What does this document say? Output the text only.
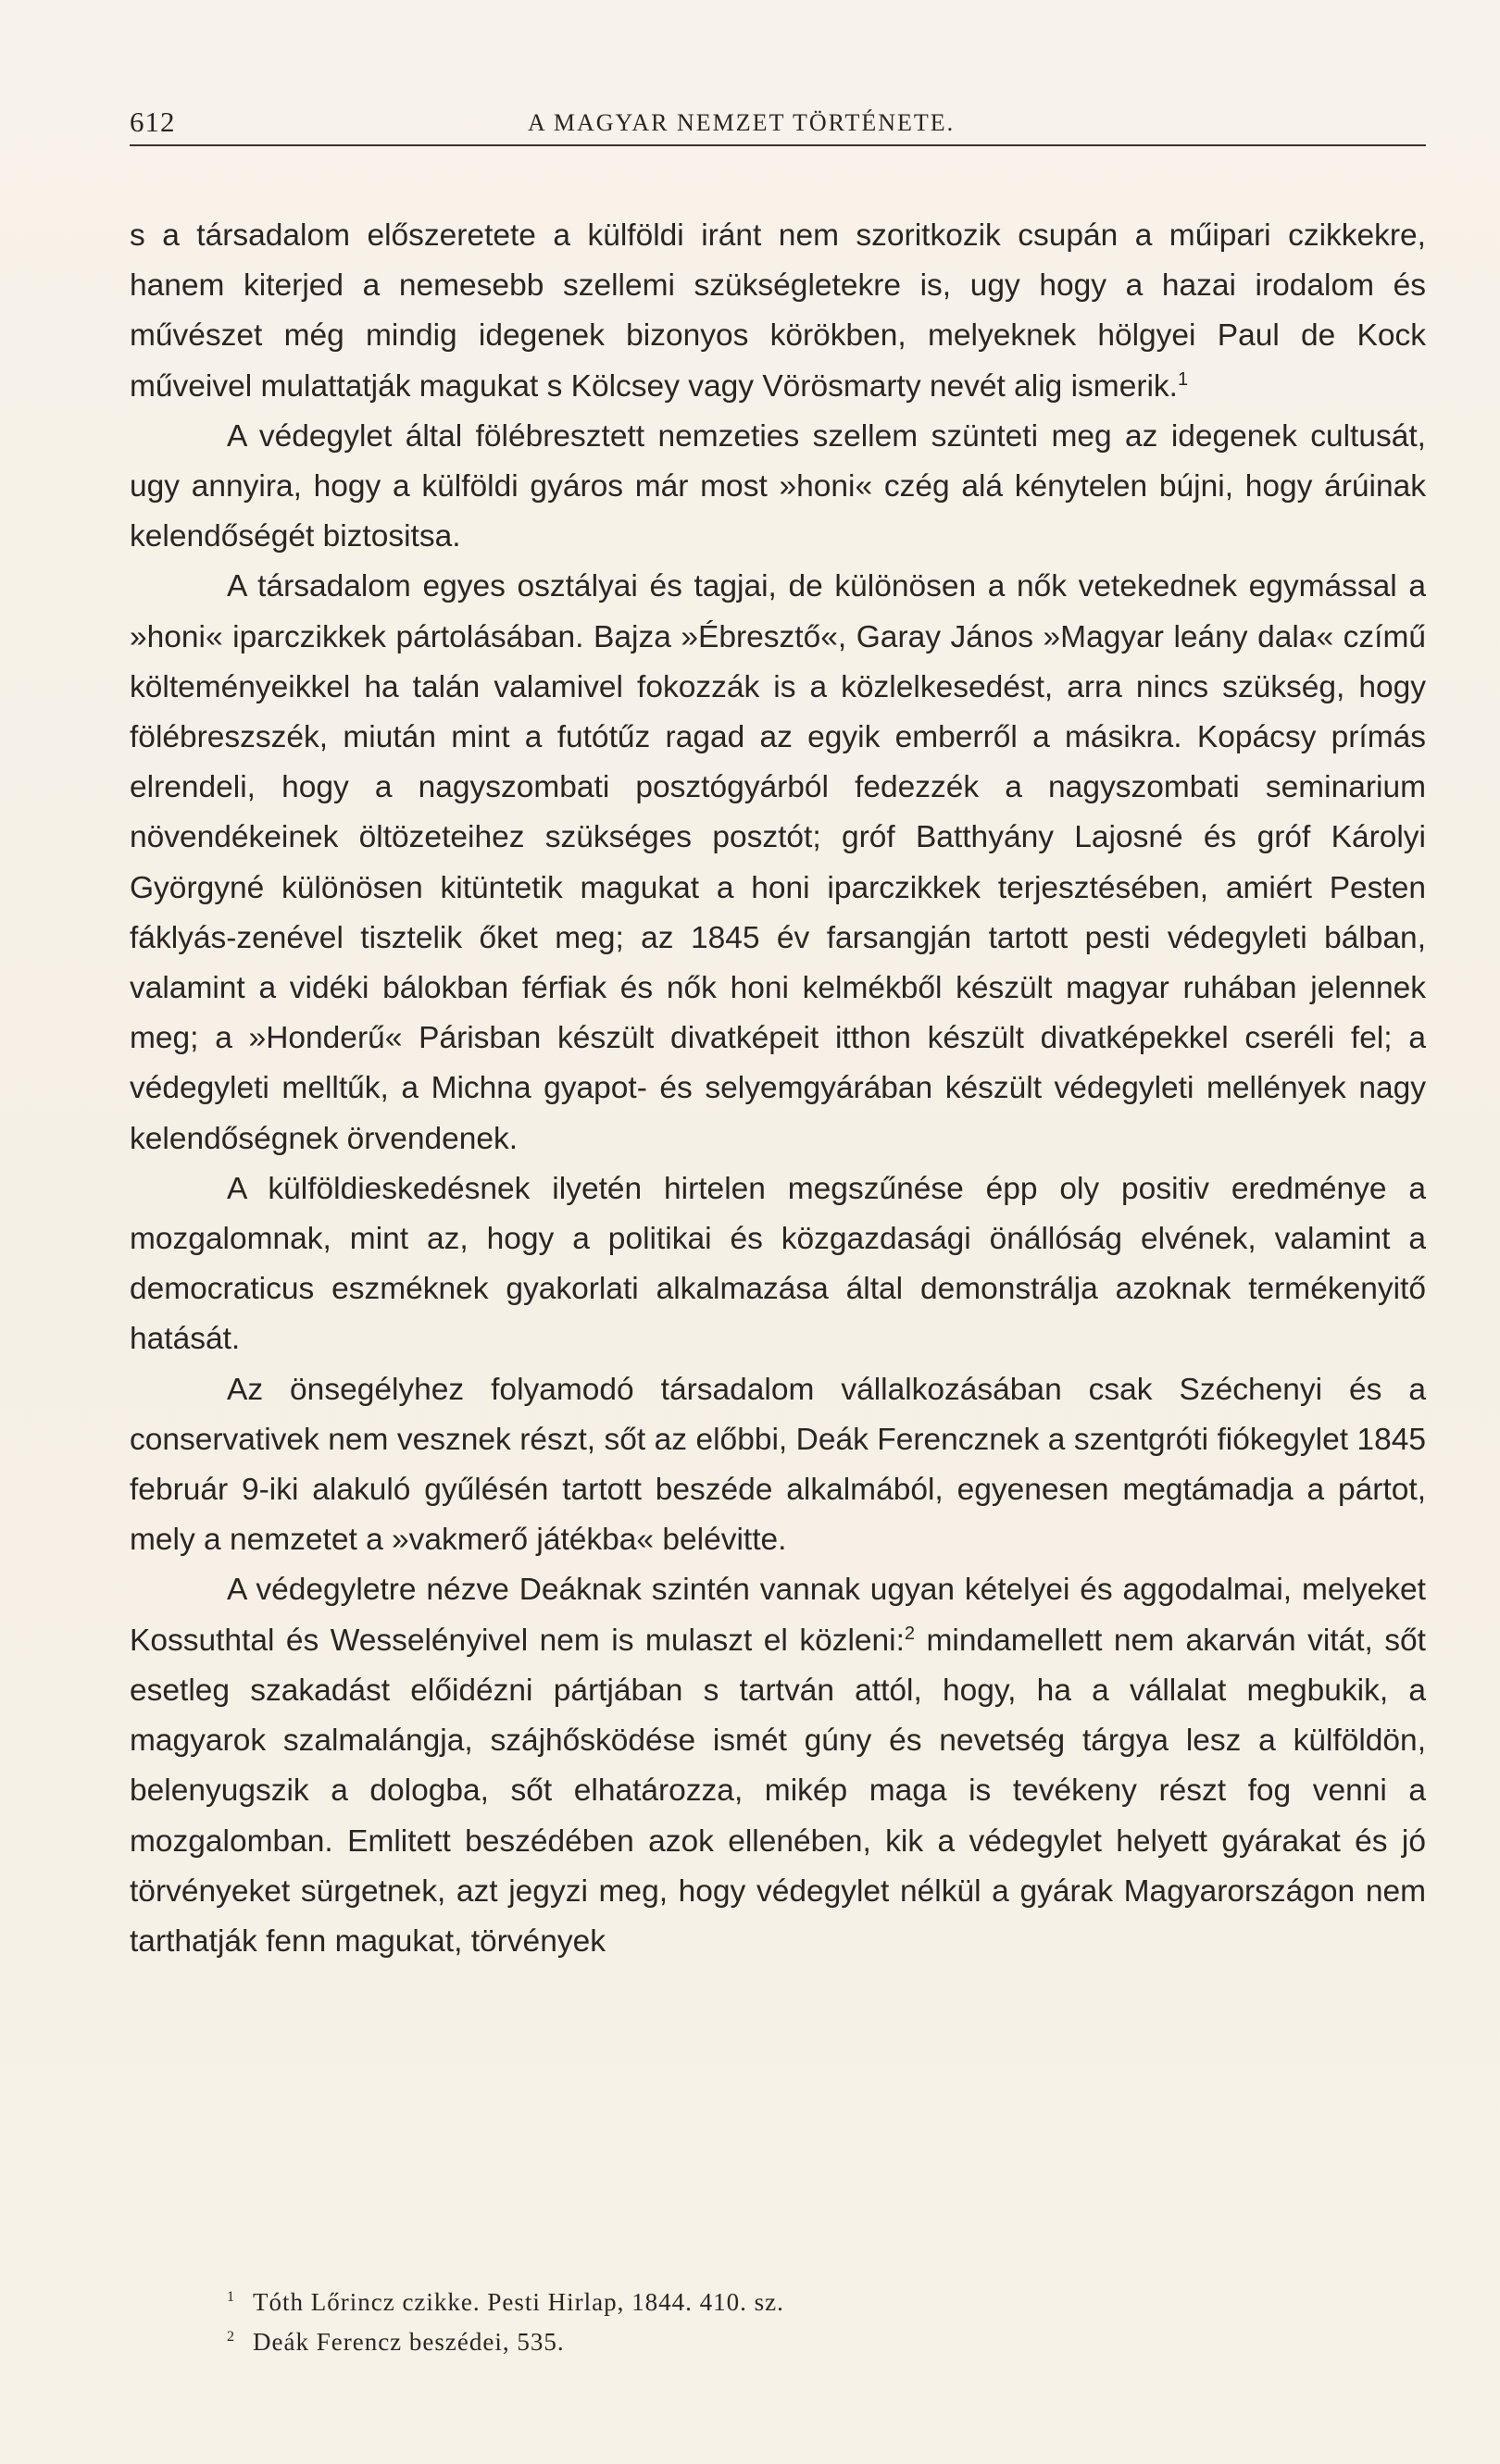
612	A MAGYAR NEMZET TÖRTÉNETE.

s a társadalom előszeretete a külföldi iránt nem szoritkozik csupán a műipari czikkekre, hanem kiterjed a nemesebb szellemi szükségletekre is, ugy hogy a hazai irodalom és művészet még mindig idegenek bizonyos körökben, melyeknek hölgyei Paul de Kock műveivel mulattatják magukat s Kölcsey vagy Vörösmarty nevét alig ismerik.$^1$

A védegylet által fölébresztett nemzeties szellem szünteti meg az idegenek cultusát, ugy annyira, hogy a külföldi gyáros már most »honi« czég alá kénytelen bújni, hogy árúinak kelendőségét biztositsa.

A társadalom egyes osztályai és tagjai, de különösen a nők vetekednek egymással a »honi« iparczikkek pártolásában. Bajza »Ébresztő«, Garay János »Magyar leány dala« czímű költeményeikkel ha talán valamivel fokozzák is a közlelkesedést, arra nincs szükség, hogy fölébreszszék, miután mint a futótűz ragad az egyik emberről a másikra. Kopácsy prímás elrendeli, hogy a nagyszombati posztógyárból fedezzék a nagyszombati seminarium növendékeinek öltözeteihez szükséges posztót; gróf Batthyány Lajosné és gróf Károlyi Györgyné különösen kitüntetik magukat a honi iparczikkek terjesztésében, amiért Pesten fáklyás-zenével tisztelik őket meg; az 1845 év farsangján tartott pesti védegyleti bálban, valamint a vidéki bálokban férfiak és nők honi kelmékből készült magyar ruhában jelennek meg; a »Honderű« Párisban készült divatképeit itthon készült divatképekkel cseréli fel; a védegyleti melltűk, a Michna gyapot- és selyemgyárában készült védegyleti mellények nagy kelendőségnek örvendenek.

A külföldieskedésnek ilyetén hirtelen megszűnése épp oly positiv eredménye a mozgalomnak, mint az, hogy a politikai és közgazdasági önállóság elvének, valamint a democraticus eszméknek gyakorlati alkalmazása által demonstrálja azoknak termékenyitő hatását.

Az önsegélyhez folyamodó társadalom vállalkozásában csak Széchenyi és a conservativek nem vesznek részt, sőt az előbbi, Deák Ferencznek a szentgróti fiókegylet 1845 február 9-iki alakuló gyűlésén tartott beszéde alkalmából, egyenesen megtámadja a pártot, mely a nemzetet a »vakmerő játékba« belévitte.

A védegyletre nézve Deáknak szintén vannak ugyan kételyei és aggodalmai, melyeket Kossuthtal és Wesselényivel nem is mulaszt el közleni:$^2$ mindamellett nem akarván vitát, sőt esetleg szakadást előidézni pártjában s tartván attól, hogy, ha a vállalat megbukik, a magyarok szalmalángja, szájhősködése ismét gúny és nevetség tárgya lesz a külföldön, belenyugszik a dologba, sőt elhatározza, mikép maga is tevékeny részt fog venni a mozgalomban. Emlitett beszédében azok ellenében, kik a védegylet helyett gyárakat és jó törvényeket sürgetnek, azt jegyzi meg, hogy védegylet nélkül a gyárak Magyarországon nem tarthatják fenn magukat, törvények

1 Tóth Lőrincz czikke. Pesti Hirlap, 1844. 410. sz.
2 Deák Ferencz beszédei, 535.
